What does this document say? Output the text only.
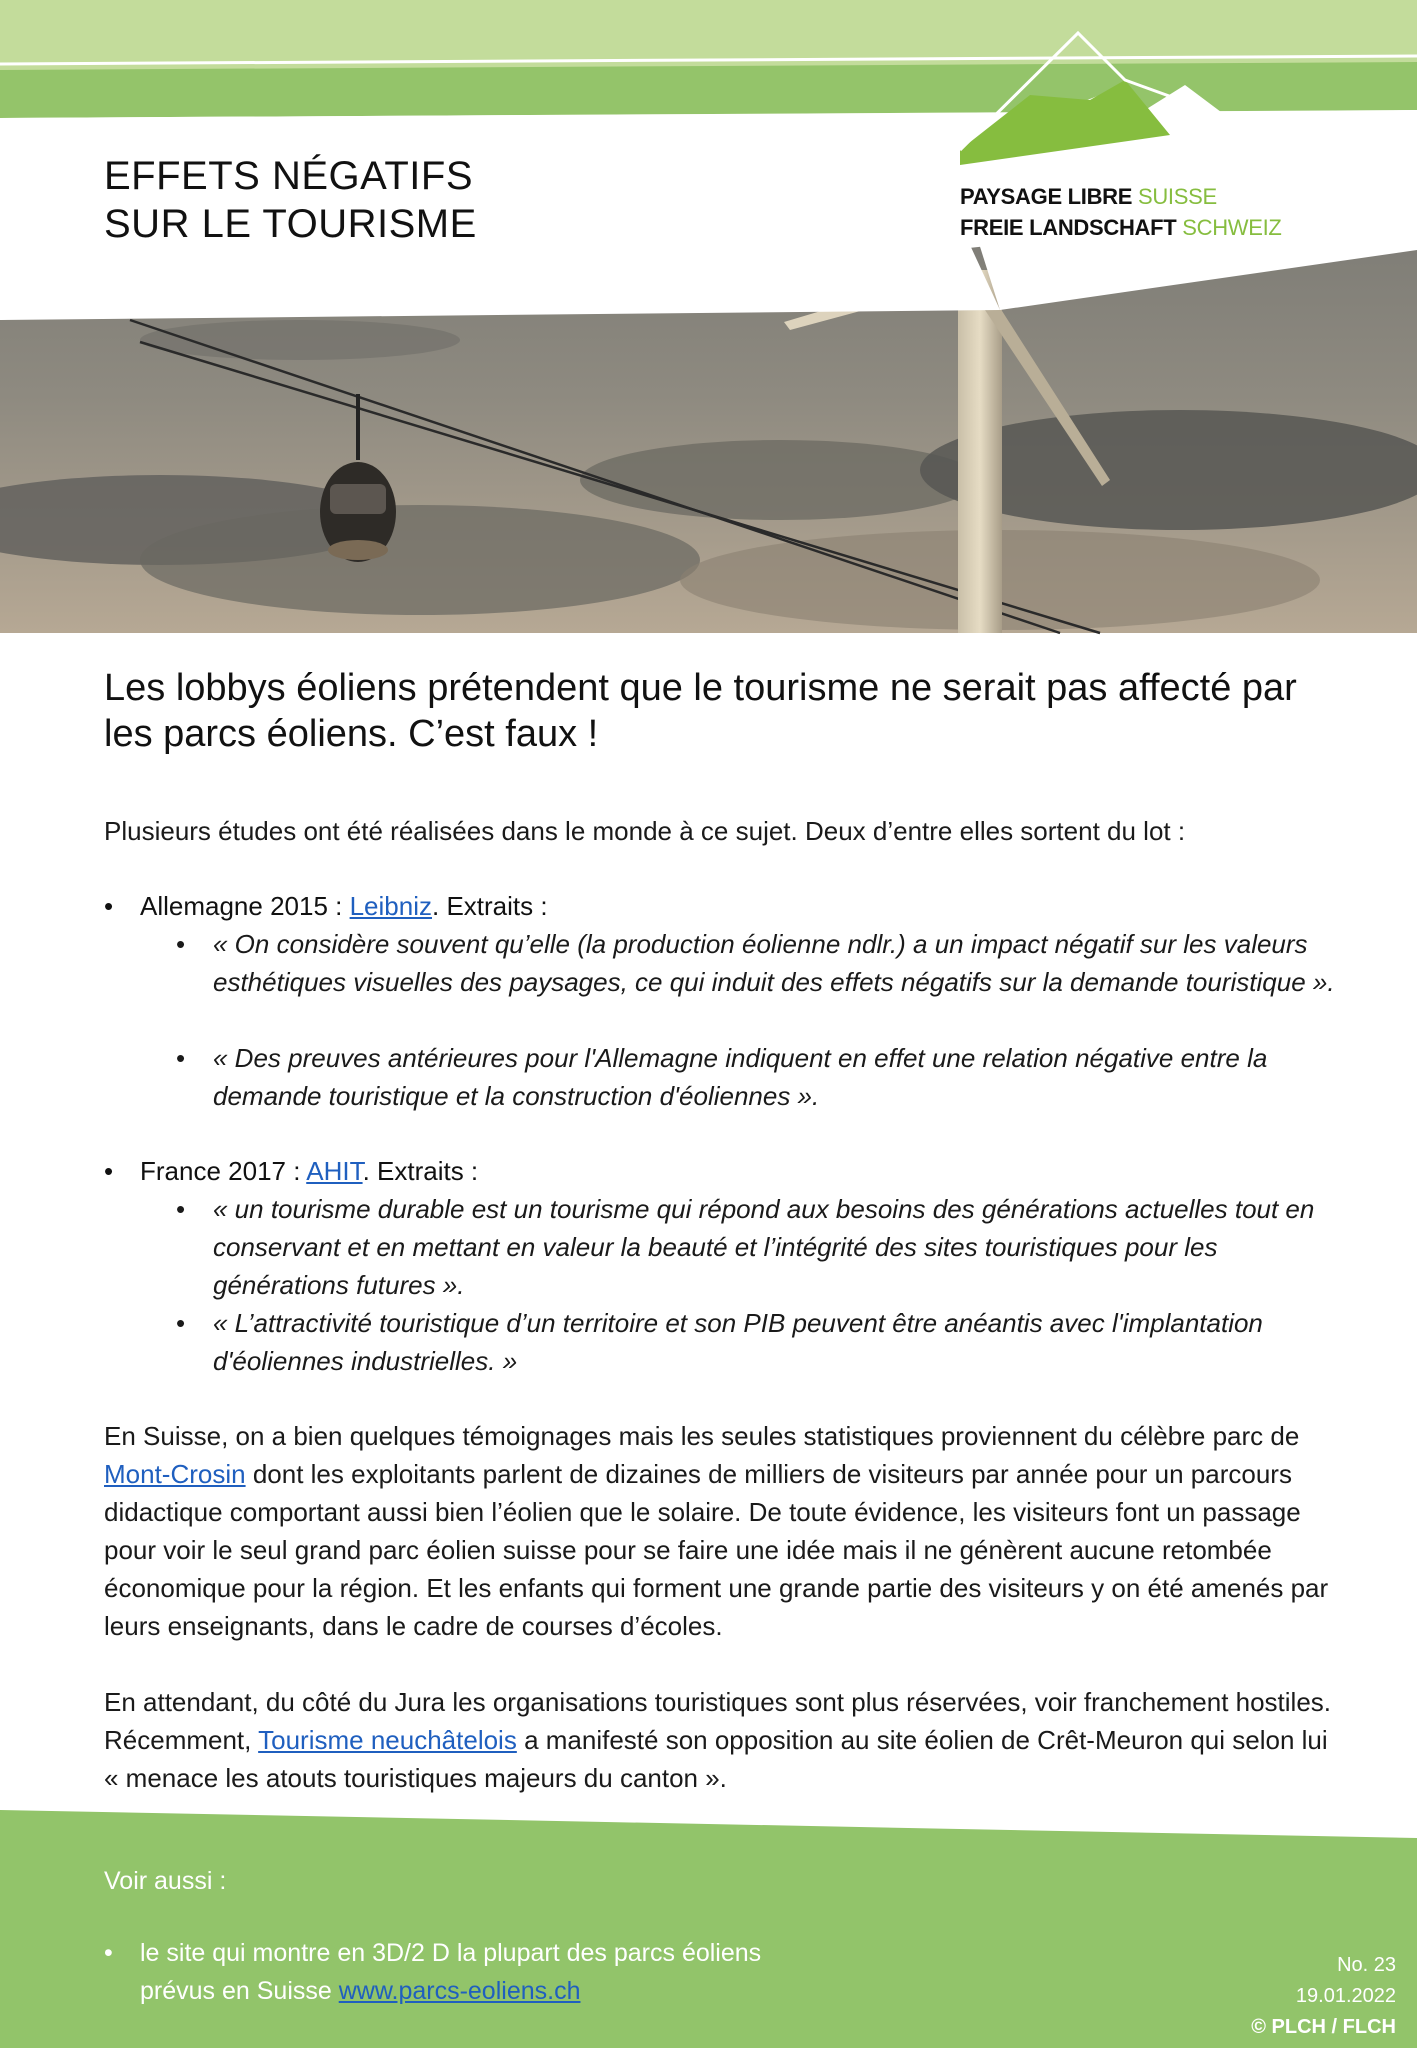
EFFETS NÉGATIFS
SUR LE TOURISME
PAYSAGE LIBRE SUISSE
FREIE LANDSCHAFT SCHWEIZ
Les lobbys éoliens prétendent que le tourisme ne serait pas affecté par les parcs éoliens. C’est faux !
Plusieurs études ont été réalisées dans le monde à ce sujet. Deux d’entre elles sortent du lot :
• Allemagne 2015 : Leibniz. Extraits :
• « On considère souvent qu’elle (la production éolienne ndlr.) a un impact négatif sur les valeurs esthétiques visuelles des paysages, ce qui induit des effets négatifs sur la demande touristique ».
• « Des preuves antérieures pour l'Allemagne indiquent en effet une relation négative entre la demande touristique et la construction d'éoliennes ».
• France 2017 : AHIT. Extraits :
• « un tourisme durable est un tourisme qui répond aux besoins des générations actuelles tout en conservant et en mettant en valeur la beauté et l’intégrité des sites touristiques pour les générations futures ».
• « L’attractivité touristique d’un territoire et son PIB peuvent être anéantis avec l'implantation d'éoliennes industrielles. »
En Suisse, on a bien quelques témoignages mais les seules statistiques proviennent du célèbre parc de Mont-Crosin dont les exploitants parlent de dizaines de milliers de visiteurs par année pour un parcours didactique comportant aussi bien l’éolien que le solaire. De toute évidence, les visiteurs font un passage pour voir le seul grand parc éolien suisse pour se faire une idée mais il ne génèrent aucune retombée économique pour la région. Et les enfants qui forment une grande partie des visiteurs y on été amenés par leurs enseignants, dans le cadre de courses d’écoles.
En attendant, du côté du Jura les organisations touristiques sont plus réservées, voir franchement hostiles. Récemment, Tourisme neuchâtelois a manifesté son opposition au site éolien de Crêt-Meuron qui selon lui « menace les atouts touristiques majeurs du canton ».
Voir aussi :
• le site qui montre en 3D/2 D la plupart des parcs éoliens prévus en Suisse www.parcs-eoliens.ch
No. 23
19.01.2022
© PLCH / FLCH
